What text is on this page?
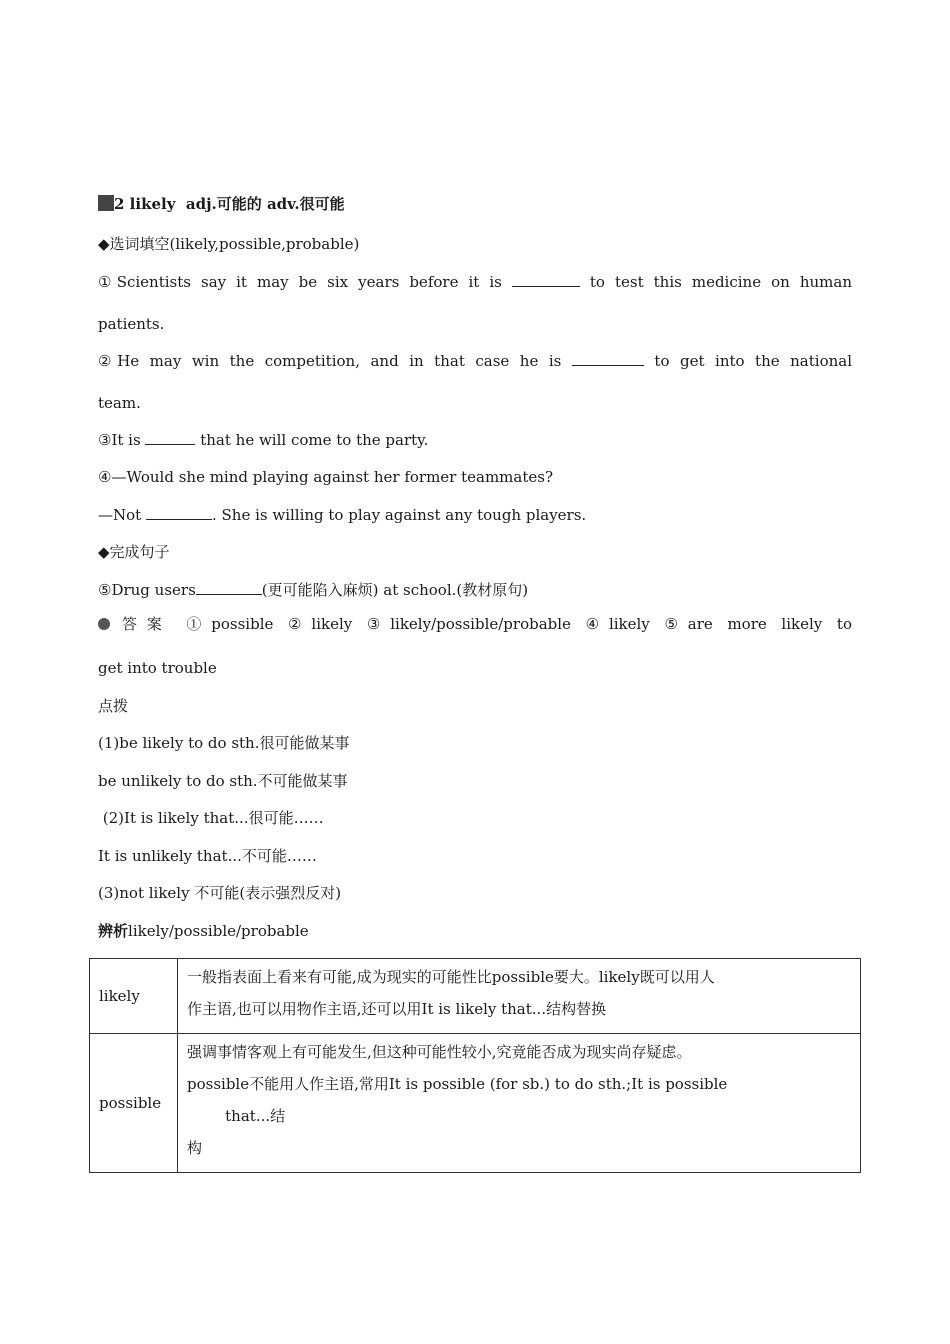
2 likely adj.可能的 adv.很可能
◆选词填空(likely,possible,probable)
①Scientists say it may be six years before it is	to test this medicine on human
patients.
②He may win the competition, and in that case he is	to get into the national
team.
③It is	that he will come to the party.
④—Would she mind playing against her former teammates?
—Not	. She is willing to play against any tough players.
◆完成句子
⑤Drug users	(更可能陷入麻烦) at school.(教材原句)
答案 ①possible ②likely ③likely/possible/probable ④likely ⑤are more likely to
get into trouble
点拨
(1)be likely to do sth.很可能做某事
be unlikely to do sth.不可能做某事
(2)It is likely that...很可能……
It is unlikely that...不可能……
(3)not likely 不可能(表示强烈反对)
辨析likely/possible/probable
likely	一般指表面上看来有可能,成为现实的可能性比possible要大。likely既可以用人
作主语,也可以用物作主语,还可以用It is likely that...结构替换

possible	强调事情客观上有可能发生,但这种可能性较小,究竟能否成为现实尚存疑虑。
possible不能用人作主语,常用It is possible (for sb.) to do sth.;It is possible
that...结
构
